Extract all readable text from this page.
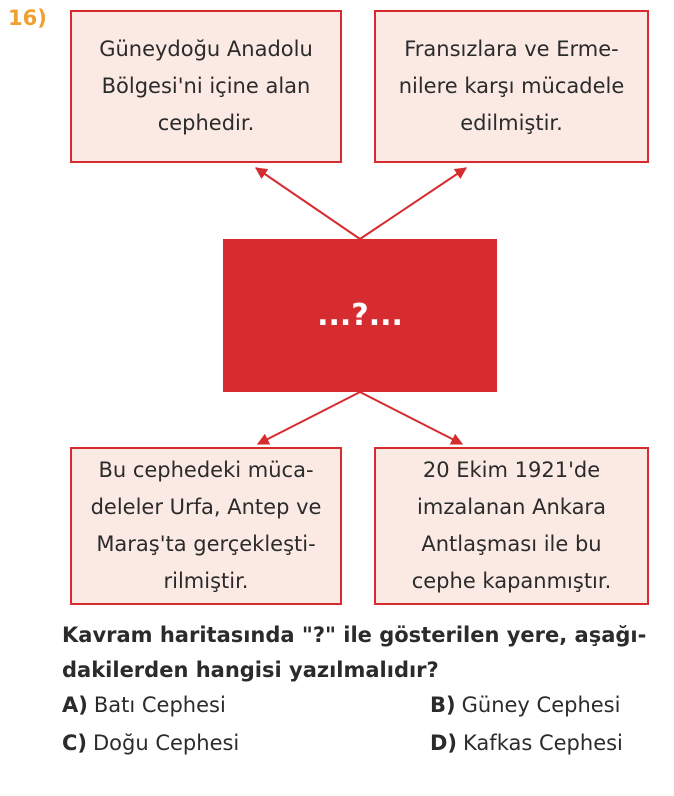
16)
Güneydoğu Anadolu
Bölgesi'ni içine alan
cephedir.
Fransızlara ve Erme-
nilere karşı mücadele
edilmiştir.
...?...
Bu cephedeki müca-
deleler Urfa, Antep ve
Maraş'ta gerçekleşti-
rilmiştir.
20 Ekim 1921'de
imzalanan Ankara
Antlaşması ile bu
cephe kapanmıştır.
Kavram haritasında "?" ile gösterilen yere, aşağı-
dakilerden hangisi yazılmalıdır?
A) Batı Cephesi	B) Güney Cephesi
C) Doğu Cephesi	D) Kafkas Cephesi
